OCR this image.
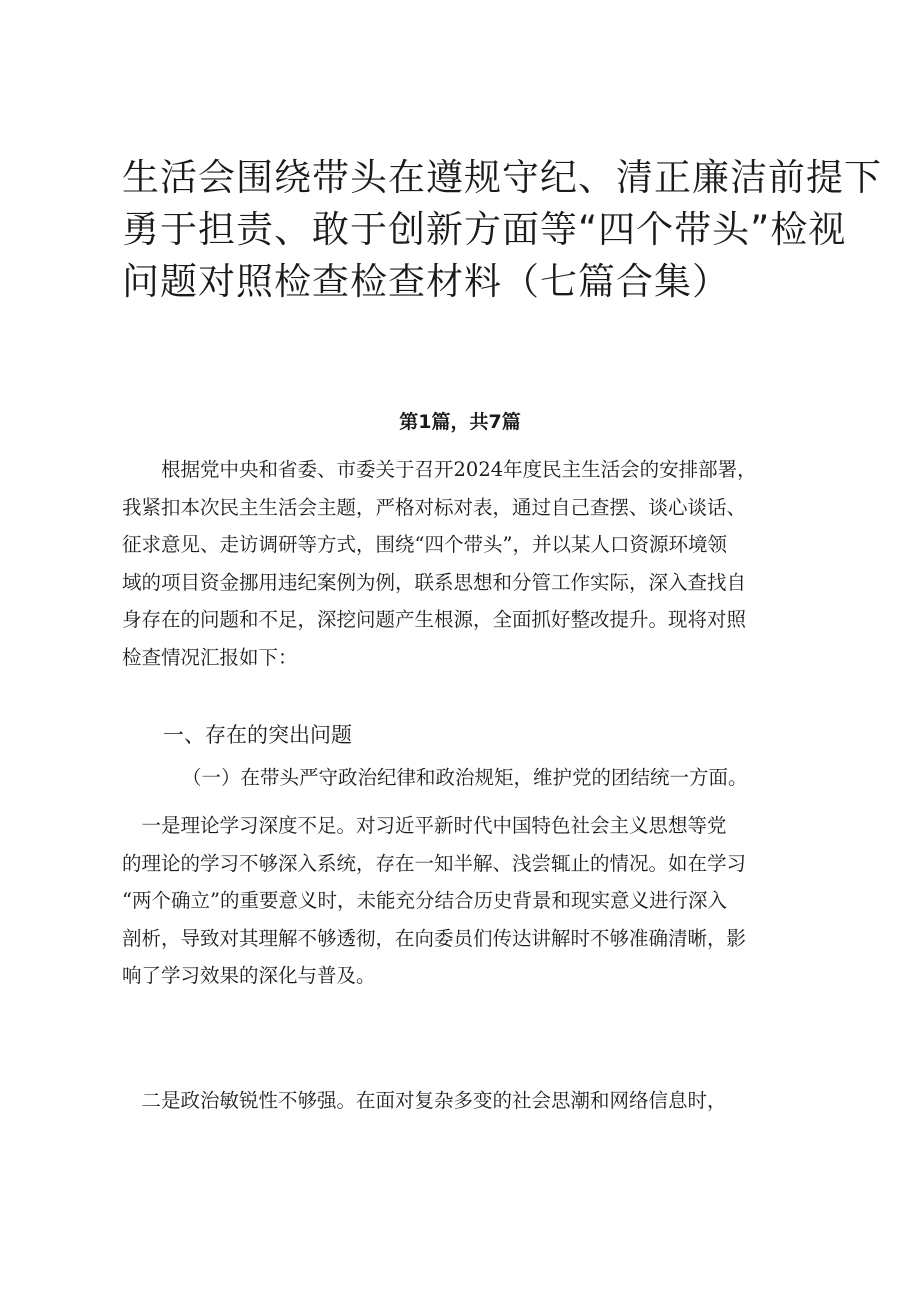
生活会围绕带头在遵规守纪、清正廉洁前提下
勇于担责、敢于创新方面等“四个带头”检视
问题对照检查检查材料（七篇合集）
第1篇，共7篇
　　根据党中央和省委、市委关于召开2024年度民主生活会的安排部署，
我紧扣本次民主生活会主题，严格对标对表，通过自己查摆、谈心谈话、
征求意见、走访调研等方式，围绕“四个带头”，并以某人口资源环境领
域的项目资金挪用违纪案例为例，联系思想和分管工作实际，深入查找自
身存在的问题和不足，深挖问题产生根源，全面抓好整改提升。现将对照
检查情况汇报如下：
一、存在的突出问题
（一）在带头严守政治纪律和政治规矩，维护党的团结统一方面。
　一是理论学习深度不足。对习近平新时代中国特色社会主义思想等党
的理论的学习不够深入系统，存在一知半解、浅尝辄止的情况。如在学习
“两个确立”的重要意义时，未能充分结合历史背景和现实意义进行深入
剖析，导致对其理解不够透彻，在向委员们传达讲解时不够准确清晰，影
响了学习效果的深化与普及。
　二是政治敏锐性不够强。在面对复杂多变的社会思潮和网络信息时，
